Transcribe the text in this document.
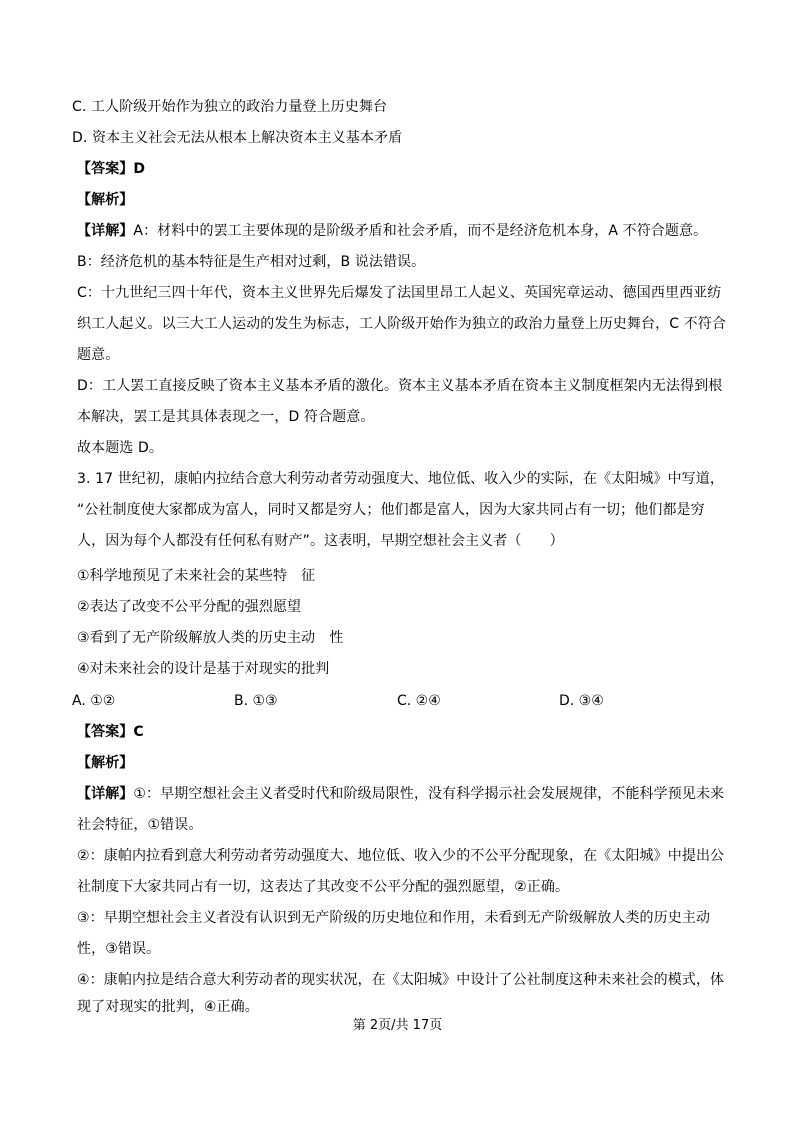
C. 工人阶级开始作为独立的政治力量登上历史舞台
D. 资本主义社会无法从根本上解决资本主义基本矛盾
【答案】D
【解析】
【详解】A：材料中的罢工主要体现的是阶级矛盾和社会矛盾，而不是经济危机本身，A 不符合题意。
B：经济危机的基本特征是生产相对过剩，B 说法错误。
C：十九世纪三四十年代，资本主义世界先后爆发了法国里昂工人起义、英国宪章运动、德国西里西亚纺
织工人起义。以三大工人运动的发生为标志，工人阶级开始作为独立的政治力量登上历史舞台，C 不符合
题意。
D：工人罢工直接反映了资本主义基本矛盾的激化。资本主义基本矛盾在资本主义制度框架内无法得到根
本解决，罢工是其具体表现之一，D 符合题意。
故本题选 D。
3. 17 世纪初，康帕内拉结合意大利劳动者劳动强度大、地位低、收入少的实际，在《太阳城》中写道，
“公社制度使大家都成为富人，同时又都是穷人；他们都是富人，因为大家共同占有一切；他们都是穷
人，因为每个人都没有任何私有财产”。这表明，早期空想社会主义者（　　）
①科学地预见了未来社会的某些特　征
②表达了改变不公平分配的强烈愿望
③看到了无产阶级解放人类的历史主动　性
④对未来社会的设计是基于对现实的批判
A. ①②	B. ①③	C. ②④	D. ③④
【答案】C
【解析】
【详解】①：早期空想社会主义者受时代和阶级局限性，没有科学揭示社会发展规律，不能科学预见未来
社会特征，①错误。
②：康帕内拉看到意大利劳动者劳动强度大、地位低、收入少的不公平分配现象，在《太阳城》中提出公
社制度下大家共同占有一切，这表达了其改变不公平分配的强烈愿望，②正确。
③：早期空想社会主义者没有认识到无产阶级的历史地位和作用，未看到无产阶级解放人类的历史主动
性，③错误。
④：康帕内拉是结合意大利劳动者的现实状况，在《太阳城》中设计了公社制度这种未来社会的模式，体
现了对现实的批判，④正确。
第 2页/共 17页
